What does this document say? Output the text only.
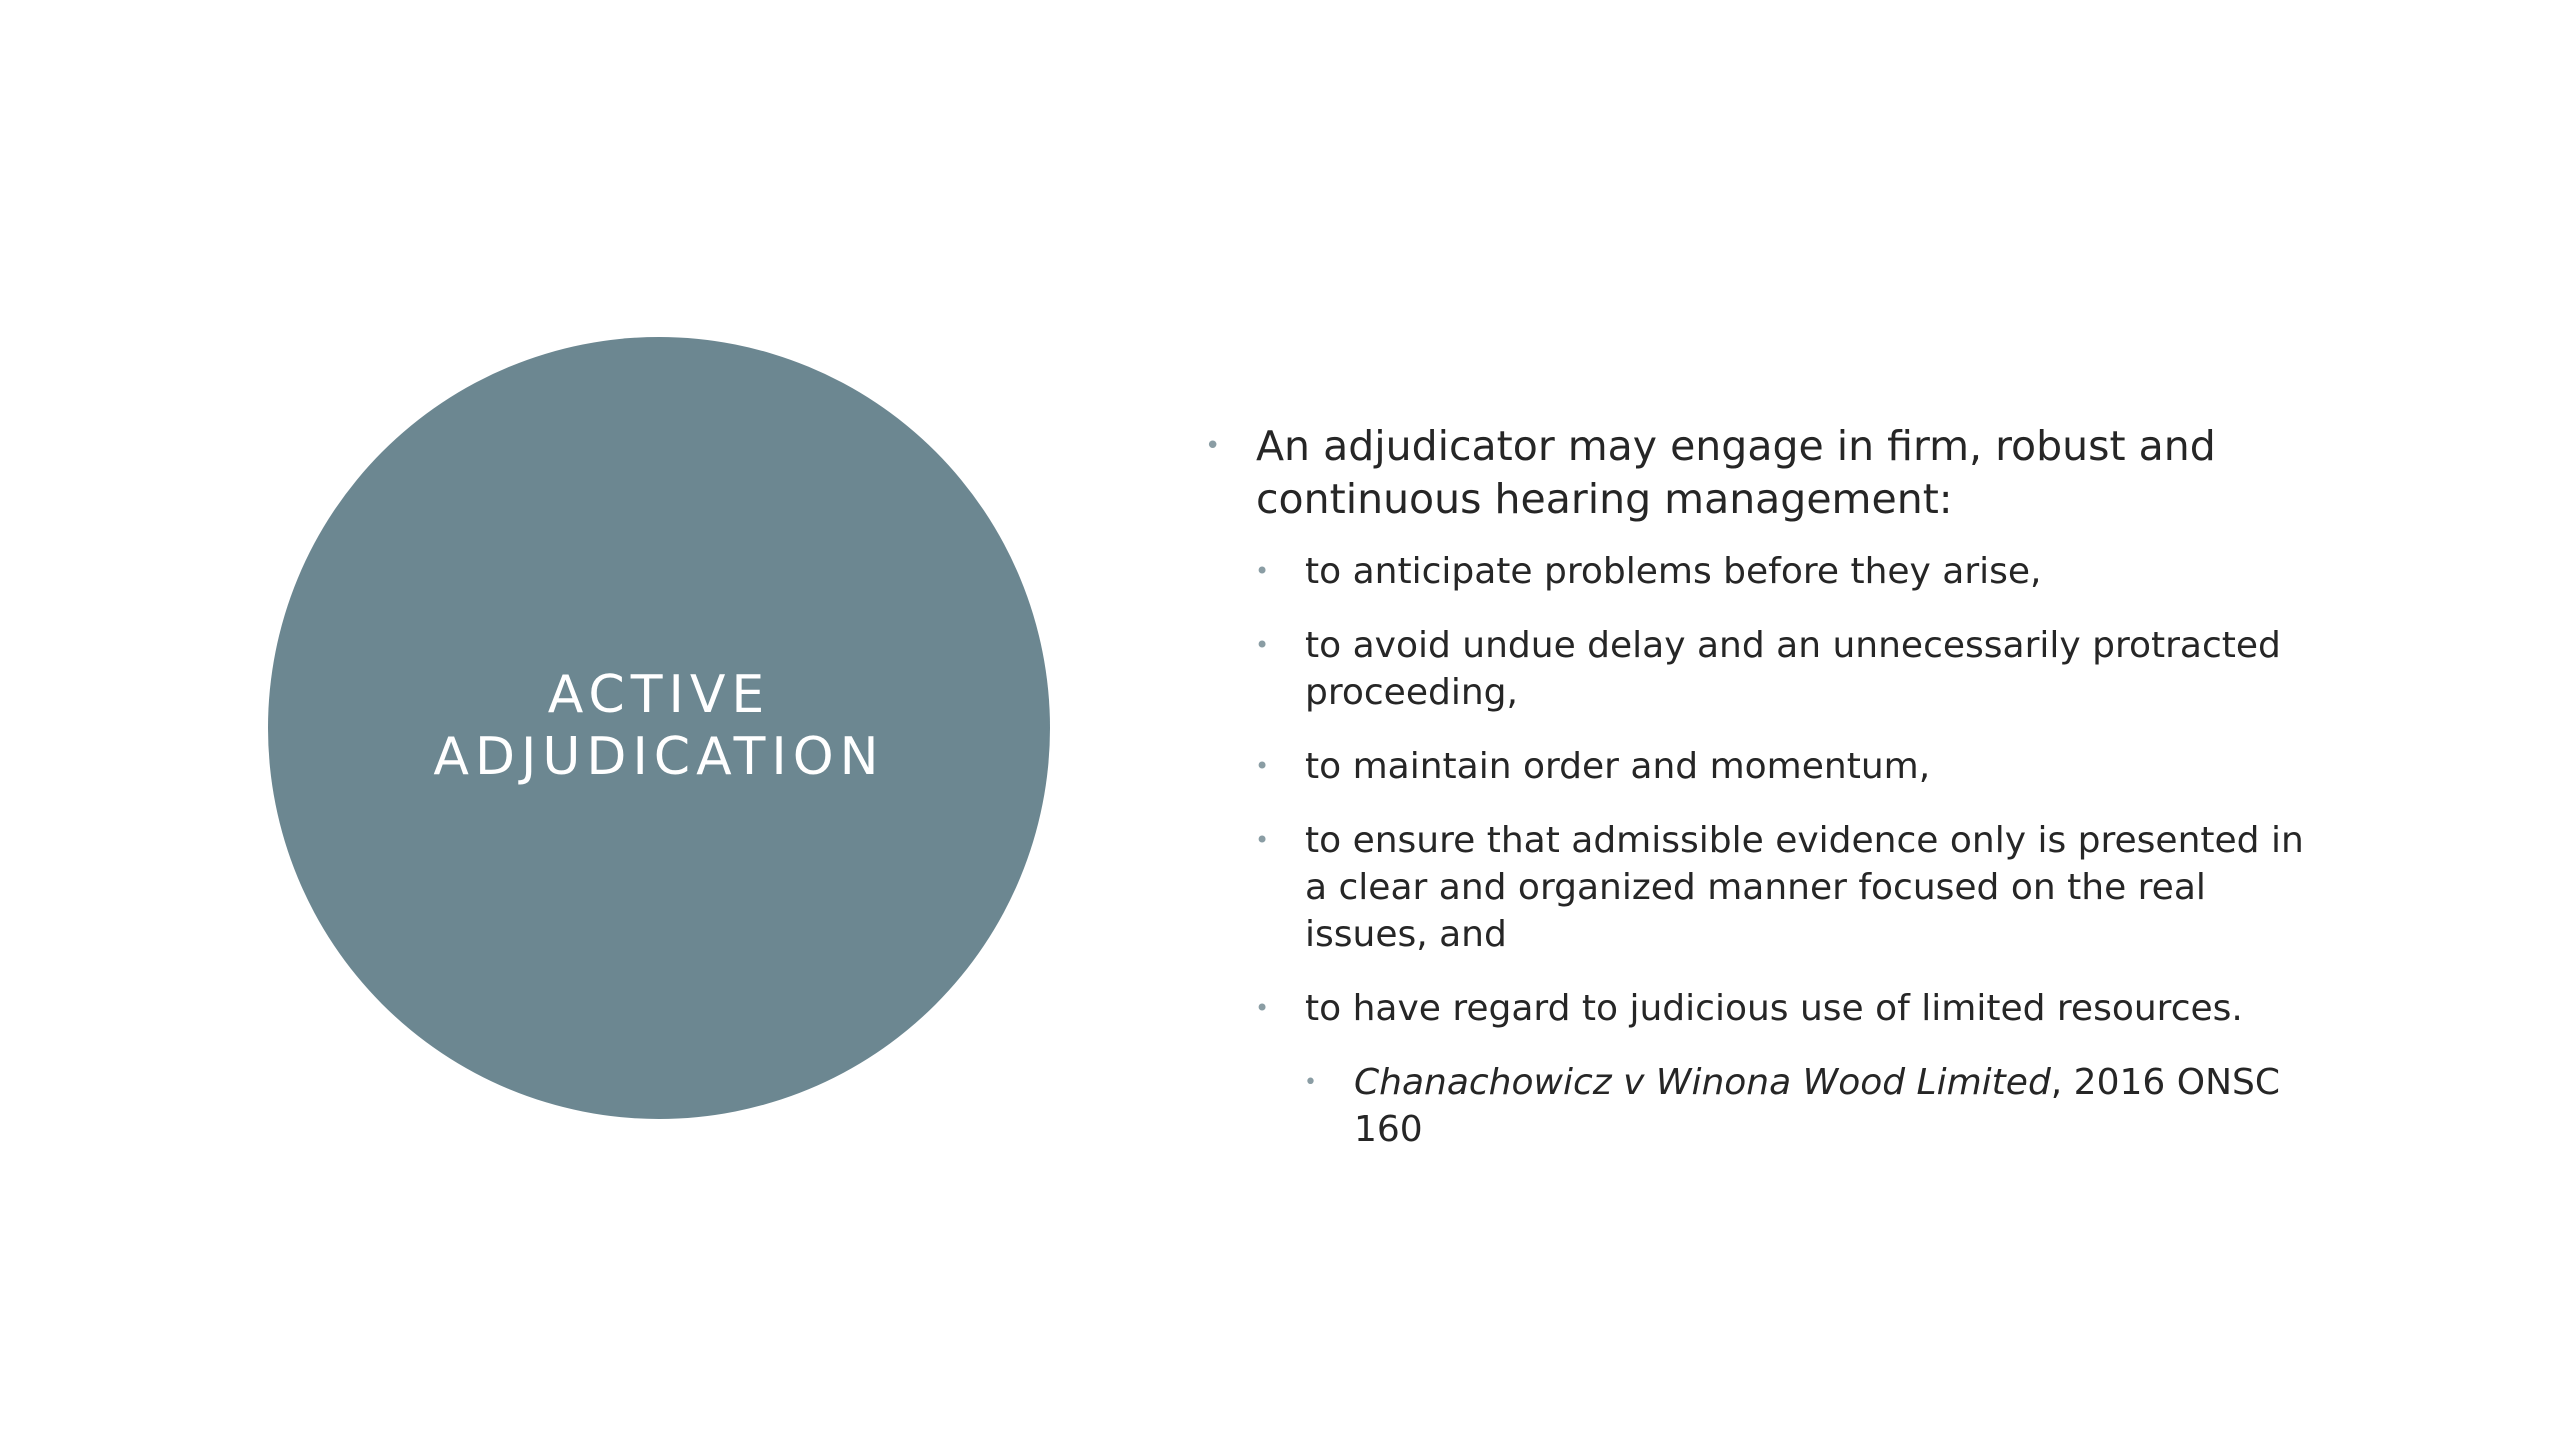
ACTIVE ADJUDICATION
• An adjudicator may engage in firm, robust and continuous hearing management:
• to anticipate problems before they arise,
• to avoid undue delay and an unnecessarily protracted proceeding,
• to maintain order and momentum,
• to ensure that admissible evidence only is presented in a clear and organized manner focused on the real issues, and
• to have regard to judicious use of limited resources.
• Chanachowicz v Winona Wood Limited, 2016 ONSC 160
